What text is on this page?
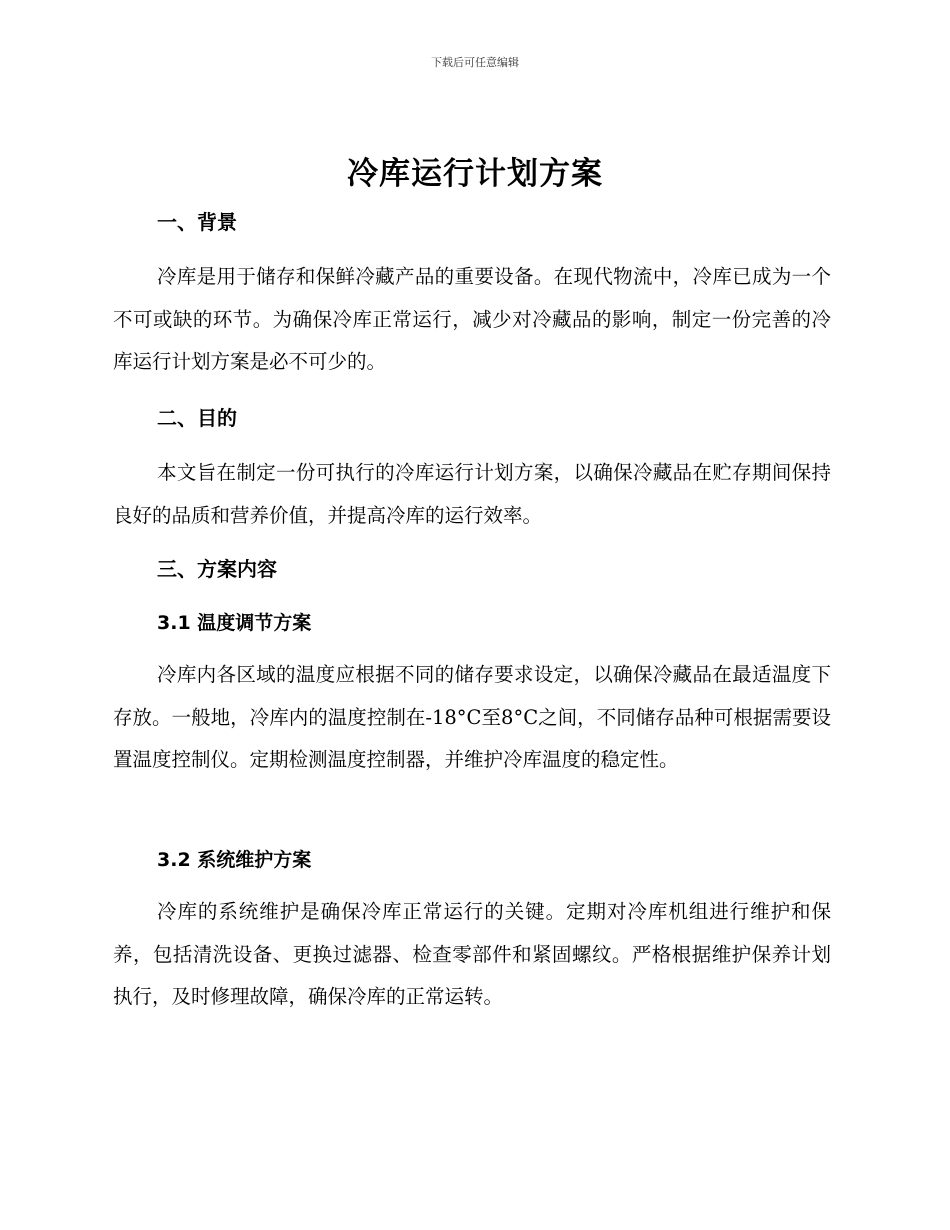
下载后可任意编辑
冷库运行计划方案
一、背景
冷库是用于储存和保鲜冷藏产品的重要设备。在现代物流中，冷库已成为一个不可或缺的环节。为确保冷库正常运行，减少对冷藏品的影响，制定一份完善的冷库运行计划方案是必不可少的。
二、目的
本文旨在制定一份可执行的冷库运行计划方案，以确保冷藏品在贮存期间保持良好的品质和营养价值，并提高冷库的运行效率。
三、方案内容
3.1 温度调节方案
冷库内各区域的温度应根据不同的储存要求设定，以确保冷藏品在最适温度下存放。一般地，冷库内的温度控制在-18°C至8°C之间，不同储存品种可根据需要设置温度控制仪。定期检测温度控制器，并维护冷库温度的稳定性。
3.2 系统维护方案
冷库的系统维护是确保冷库正常运行的关键。定期对冷库机组进行维护和保养，包括清洗设备、更换过滤器、检查零部件和紧固螺纹。严格根据维护保养计划执行，及时修理故障，确保冷库的正常运转。
